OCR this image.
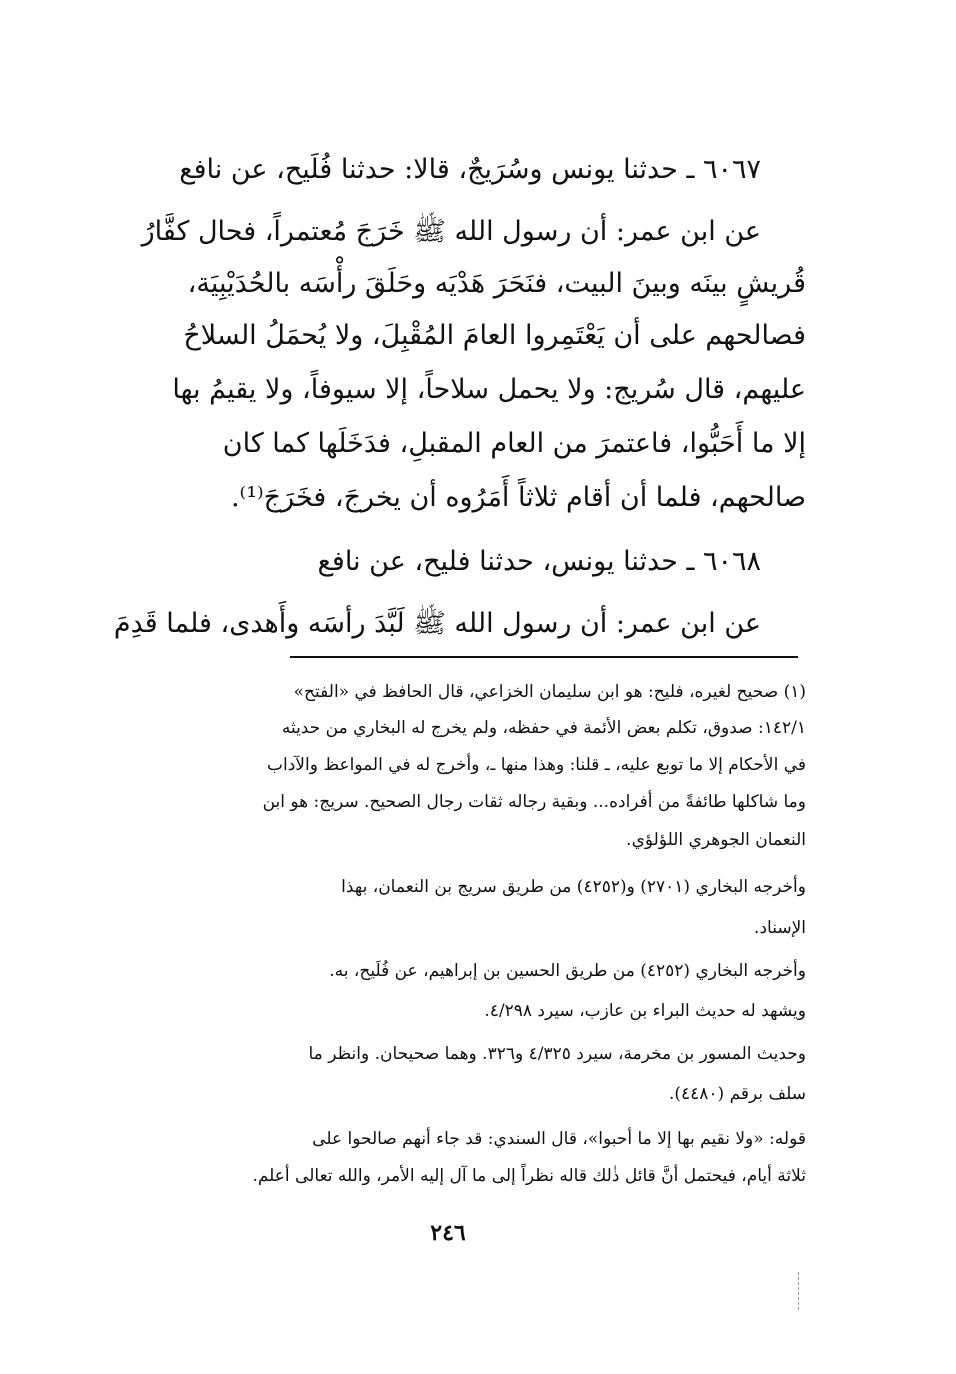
٦٠٦٧ ـ حدثنا يونس وسُرَيجٌ، قالا: حدثنا فُلَيح، عن نافع
عن ابن عمر: أن رسول الله ﷺ خَرَجَ مُعتمراً، فحال كفَّارُ
قُريشٍ بينَه وبينَ البيت، فنَحَرَ هَدْيَه وحَلَقَ رأْسَه بالحُدَيْبِيَة،
فصالحهم على أن يَعْتَمِروا العامَ المُقْبِلَ، ولا يُحمَلُ السلاحُ
عليهم، قال سُريج: ولا يحمل سلاحاً، إلا سيوفاً، ولا يقيمُ بها
إلا ما أَحَبُّوا، فاعتمرَ من العام المقبلِ، فدَخَلَها كما كان
صالحهم، فلما أن أقام ثلاثاً أَمَرُوه أن يخرجَ، فخَرَجَ⁽¹⁾.
٦٠٦٨ ـ حدثنا يونس، حدثنا فليح، عن نافع
عن ابن عمر: أن رسول الله ﷺ لَبَّدَ رأسَه وأَهدى، فلما قَدِمَ
(١) صحيح لغيره، فليح: هو ابن سليمان الخزاعي، قال الحافظ في «الفتح»
١٤٢/١: صدوق، تكلم بعض الأئمة في حفظه، ولم يخرج له البخاري من حديثه
في الأحكام إلا ما توبع عليه، ـ قلنا: وهذا منها ـ، وأخرج له في المواعظ والآداب
وما شاكلها طائفةً من أفراده... وبقية رجاله ثقات رجال الصحيح. سريج: هو ابن
النعمان الجوهري اللؤلؤي.
وأخرجه البخاري (٢٧٠١) و(٤٢٥٢) من طريق سريج بن النعمان، بهذا
الإسناد.
وأخرجه البخاري (٤٢٥٢) من طريق الحسين بن إبراهيم، عن فُلَيح، به.
ويشهد له حديث البراء بن عازب، سيرد ٤/٢٩٨.
وحديث المسور بن مخرمة، سيرد ٤/٣٢٥ و٣٢٦. وهما صحيحان. وانظر ما
سلف برقم (٤٤٨٠).
قوله: «ولا نقيم بها إلا ما أحبوا»، قال السندي: قد جاء أنهم صالحوا على
ثلاثة أيام، فيحتمل أنَّ قائل ذٰلك قاله نظراً إلى ما آل إليه الأمر، والله تعالى أعلم.
٢٤٦
